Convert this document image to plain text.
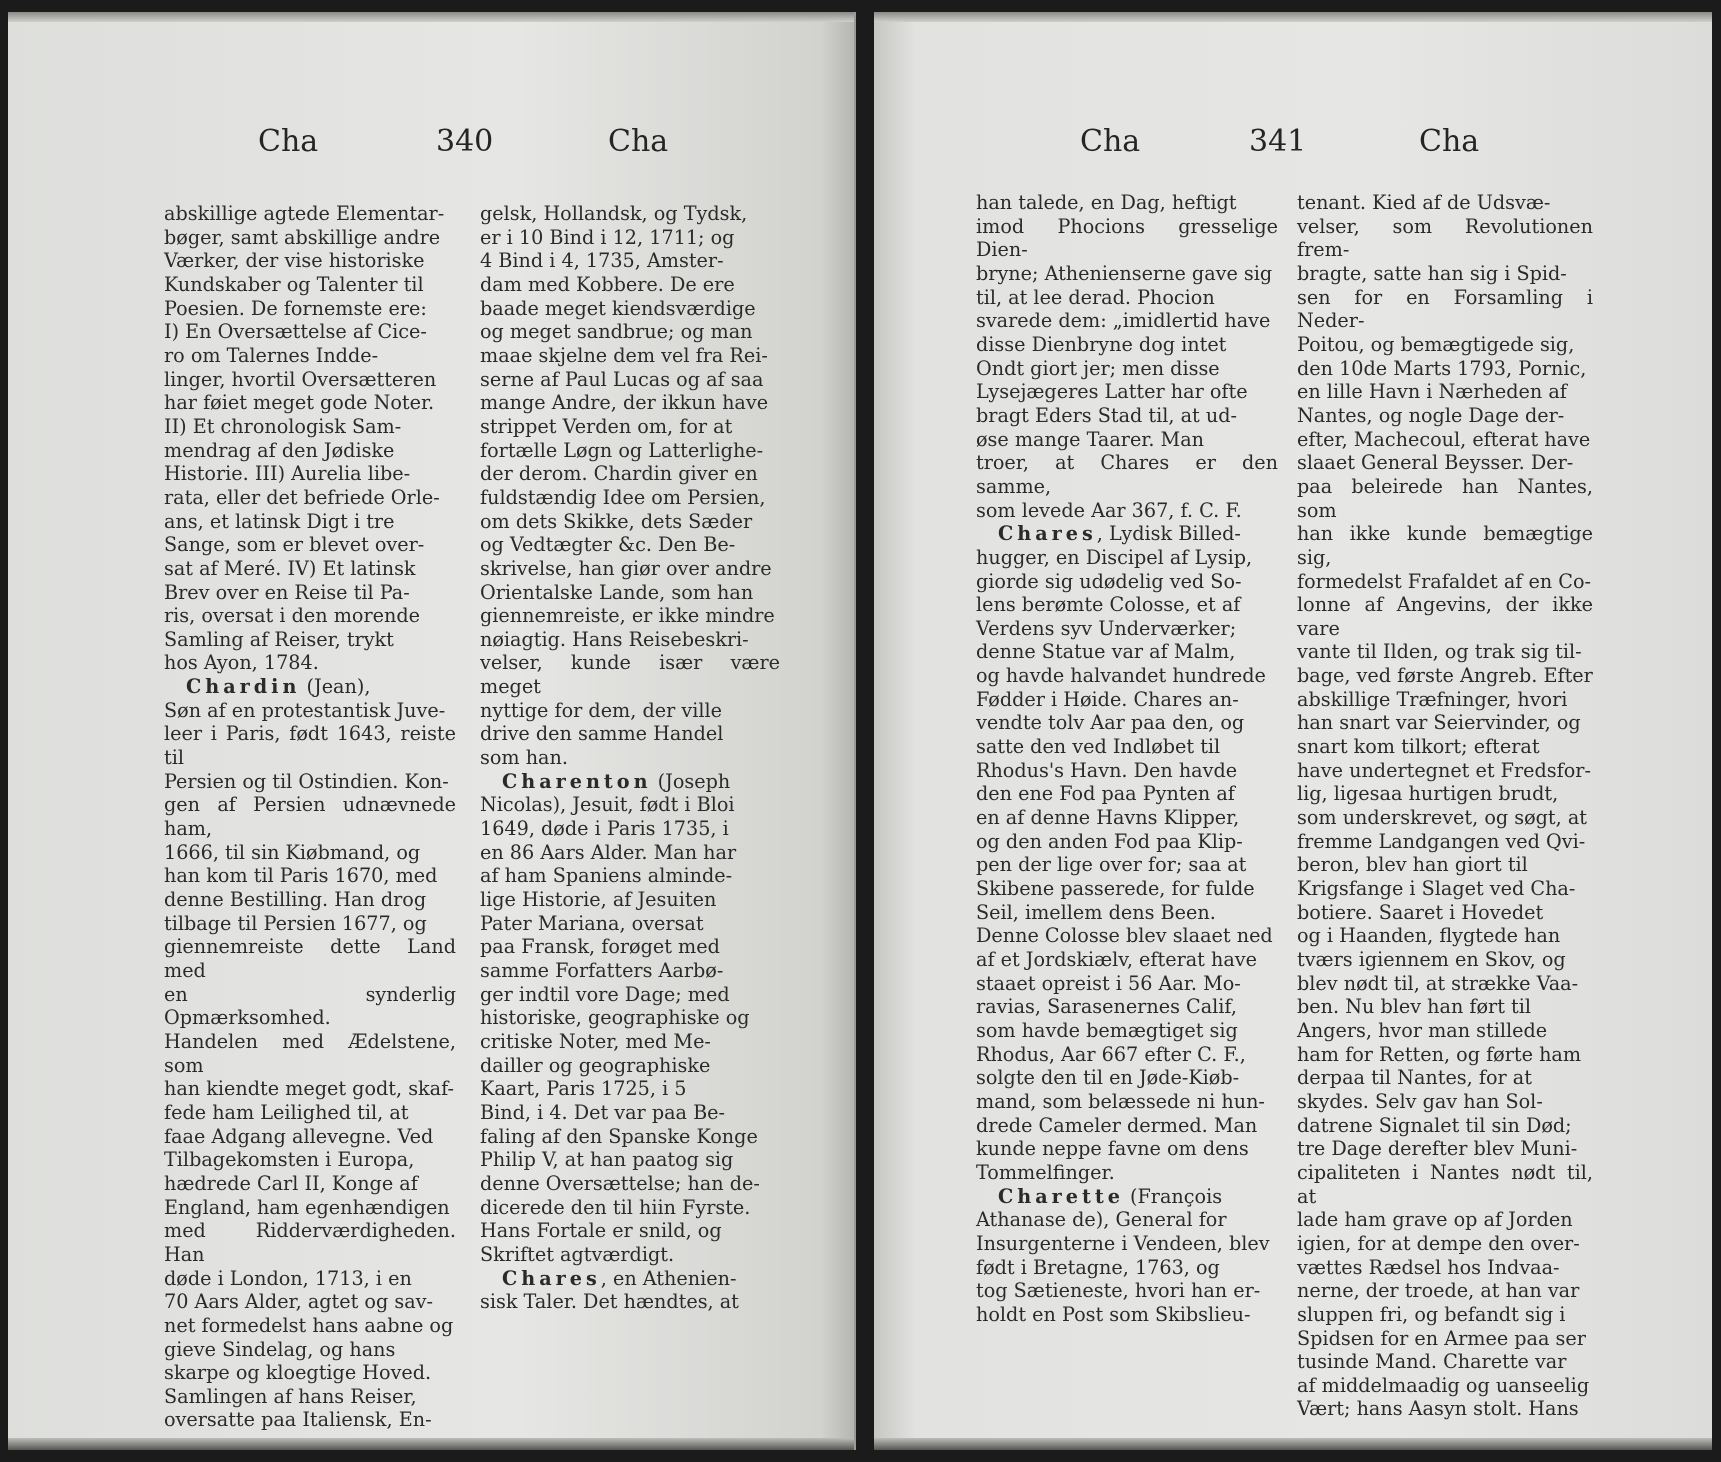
Cha	340	Cha
abskillige agtede Elementar-
bøger, samt abskillige andre
Værker, der vise historiske
Kundskaber og Talenter til
Poesien. De fornemste ere:
I) En Oversættelse af Cice-
ro om Talernes Indde-
linger, hvortil Oversætteren
har føiet meget gode Noter.
II) Et chronologisk Sam-
mendrag af den Jødiske
Historie. III) Aurelia libe-
rata, eller det befriede Orle-
ans, et latinsk Digt i tre
Sange, som er blevet over-
sat af Meré. IV) Et latinsk
Brev over en Reise til Pa-
ris, oversat i den morende
Samling af Reiser, trykt
hos Ayon, 1784.

Chardin (Jean),

Søn af en protestantisk Juve-
leer i Paris, født 1643, reiste til
Persien og til Ostindien. Kon-
gen af Persien udnævnede ham,
1666, til sin Kiøbmand, og
han kom til Paris 1670, med
denne Bestilling. Han drog
tilbage til Persien 1677, og
giennemreiste dette Land med
en synderlig Opmærksomhed.
Handelen med Ædelstene, som
han kiendte meget godt, skaf-
fede ham Leilighed til, at
faae Adgang allevegne. Ved
Tilbagekomsten i Europa,
hædrede Carl II, Konge af
England, ham egenhændigen
med Ridderværdigheden. Han
døde i London, 1713, i en
70 Aars Alder, agtet og sav-
net formedelst hans aabne og
gieve Sindelag, og hans
skarpe og kloegtige Hoved.
Samlingen af hans Reiser,
oversatte paa Italiensk, En-
gelsk, Hollandsk, og Tydsk,
er i 10 Bind i 12, 1711; og
4 Bind i 4, 1735, Amster-
dam med Kobbere. De ere
baade meget kiendsværdige
og meget sandbrue; og man
maae skjelne dem vel fra Rei-
serne af Paul Lucas og af saa
mange Andre, der ikkun have
strippet Verden om, for at
fortælle Løgn og Latterlighe-
der derom. Chardin giver en
fuldstændig Idee om Persien,
om dets Skikke, dets Sæder
og Vedtægter &c. Den Be-
skrivelse, han giør over andre
Orientalske Lande, som han
giennemreiste, er ikke mindre
nøiagtig. Hans Reisebeskri-
velser, kunde især være meget
nyttige for dem, der ville
drive den samme Handel
som han.

Charenton (Joseph

Nicolas), Jesuit, født i Bloi
1649, døde i Paris 1735, i
en 86 Aars Alder. Man har
af ham Spaniens alminde-
lige Historie, af Jesuiten
Pater Mariana, oversat
paa Fransk, forøget med
samme Forfatters Aarbø-
ger indtil vore Dage; med
historiske, geographiske og
critiske Noter, med Me-
dailler og geographiske
Kaart, Paris 1725, i 5
Bind, i 4. Det var paa Be-
faling af den Spanske Konge
Philip V, at han paatog sig
denne Oversættelse; han de-
dicerede den til hiin Fyrste.
Hans Fortale er snild, og
Skriftet agtværdigt.

Chares, en Athenien-

sisk Taler. Det hændtes, at
Cha	341	Cha
han talede, en Dag, heftigt
imod Phocions gresselige Dien-
bryne; Athenienserne gave sig
til, at lee derad. Phocion
svarede dem: „imidlertid have
disse Dienbryne dog intet
Ondt giort jer; men disse
Lysejægeres Latter har ofte
bragt Eders Stad til, at ud-
øse mange Taarer. Man
troer, at Chares er den samme,
som levede Aar 367, f. C. F.

Chares, Lydisk Billed-

hugger, en Discipel af Lysip,
giorde sig udødelig ved So-
lens berømte Colosse, et af
Verdens syv Underværker;
denne Statue var af Malm,
og havde halvandet hundrede
Fødder i Høide. Chares an-
vendte tolv Aar paa den, og
satte den ved Indløbet til
Rhodus's Havn. Den havde
den ene Fod paa Pynten af
en af denne Havns Klipper,
og den anden Fod paa Klip-
pen der lige over for; saa at
Skibene passerede, for fulde
Seil, imellem dens Been.
Denne Colosse blev slaaet ned
af et Jordskiælv, efterat have
staaet opreist i 56 Aar. Mo-
ravias, Sarasenernes Calif,
som havde bemægtiget sig
Rhodus, Aar 667 efter C. F.,
solgte den til en Jøde-Kiøb-
mand, som belæssede ni hun-
drede Cameler dermed. Man
kunde neppe favne om dens
Tommelfinger.

Charette (François

Athanase de), General for
Insurgenterne i Vendeen, blev
født i Bretagne, 1763, og
tog Sætieneste, hvori han er-
holdt en Post som Skibslieu-
tenant. Kied af de Udsvæ-
velser, som Revolutionen frem-
bragte, satte han sig i Spid-
sen for en Forsamling i Neder-
Poitou, og bemægtigede sig,
den 10de Marts 1793, Pornic,
en lille Havn i Nærheden af
Nantes, og nogle Dage der-
efter, Machecoul, efterat have
slaaet General Beysser. Der-
paa beleirede han Nantes, som
han ikke kunde bemægtige sig,
formedelst Frafaldet af en Co-
lonne af Angevins, der ikke vare
vante til Ilden, og trak sig til-
bage, ved første Angreb. Efter
abskillige Træfninger, hvori
han snart var Seiervinder, og
snart kom tilkort; efterat
have undertegnet et Fredsfor-
lig, ligesaa hurtigen brudt,
som underskrevet, og søgt, at
fremme Landgangen ved Qvi-
beron, blev han giort til
Krigsfange i Slaget ved Cha-
botiere. Saaret i Hovedet
og i Haanden, flygtede han
tværs igiennem en Skov, og
blev nødt til, at strække Vaa-
ben. Nu blev han ført til
Angers, hvor man stillede
ham for Retten, og førte ham
derpaa til Nantes, for at
skydes. Selv gav han Sol-
datrene Signalet til sin Død;
tre Dage derefter blev Muni-
cipaliteten i Nantes nødt til, at
lade ham grave op af Jorden
igien, for at dempe den over-
vættes Rædsel hos Indvaa-
nerne, der troede, at han var
sluppen fri, og befandt sig i
Spidsen for en Armee paa ser
tusinde Mand. Charette var
af middelmaadig og uanseelig
Vært; hans Aasyn stolt. Hans
